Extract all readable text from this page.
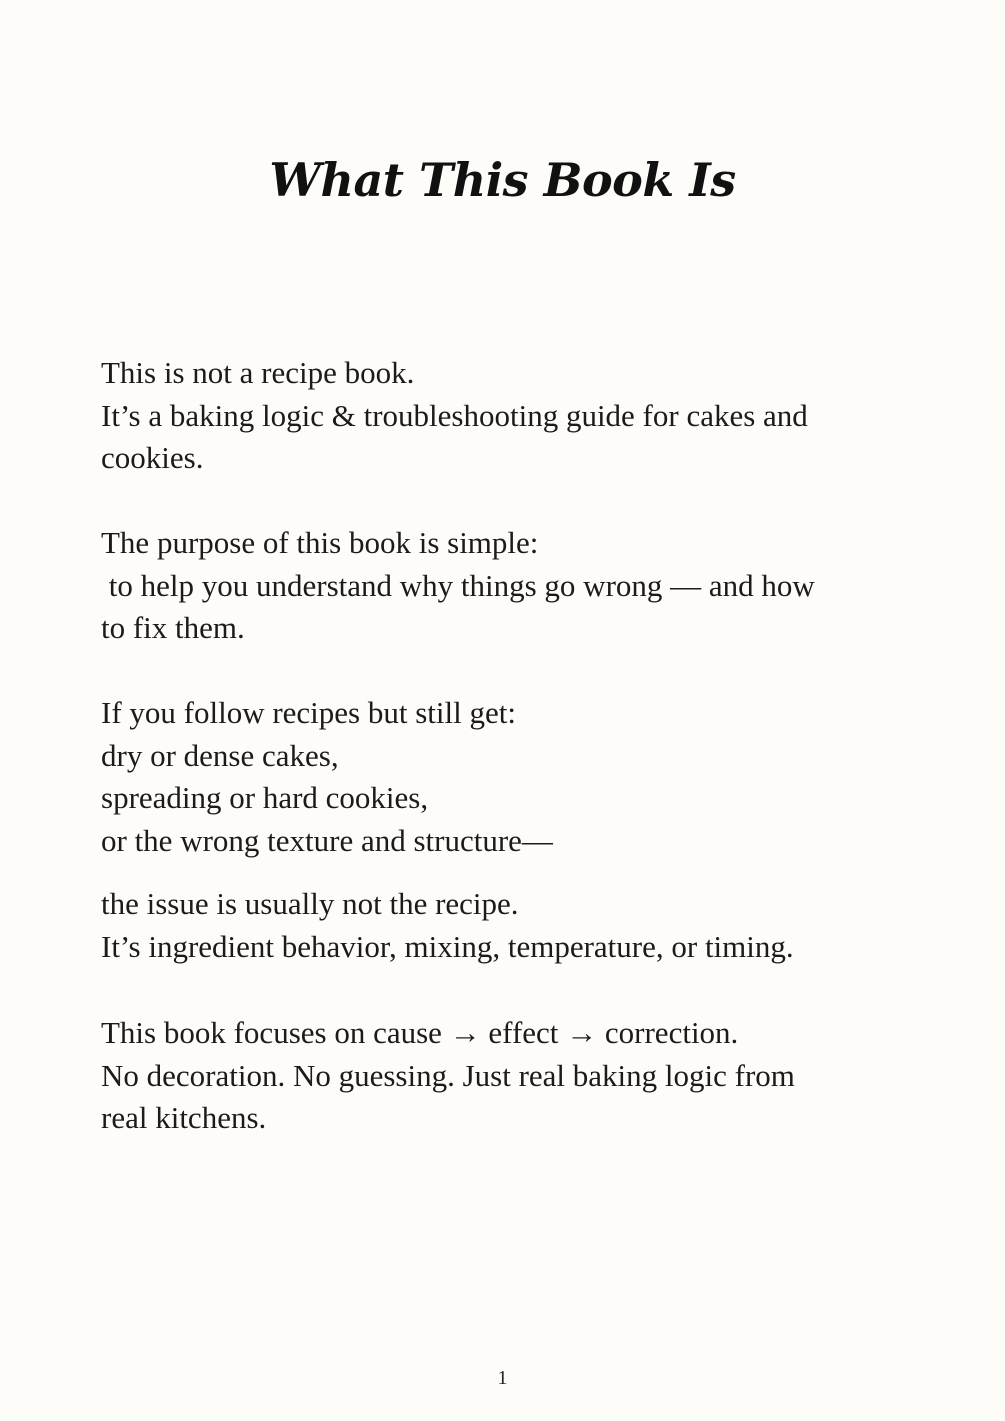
What This Book Is
This is not a recipe book.
It’s a baking logic & troubleshooting guide for cakes and
cookies.
The purpose of this book is simple:
to help you understand why things go wrong — and how
to fix them.
If you follow recipes but still get:
dry or dense cakes,
spreading or hard cookies,
or the wrong texture and structure—
the issue is usually not the recipe.
It’s ingredient behavior, mixing, temperature, or timing.
This book focuses on cause → effect → correction.
No decoration. No guessing. Just real baking logic from
real kitchens.
1
